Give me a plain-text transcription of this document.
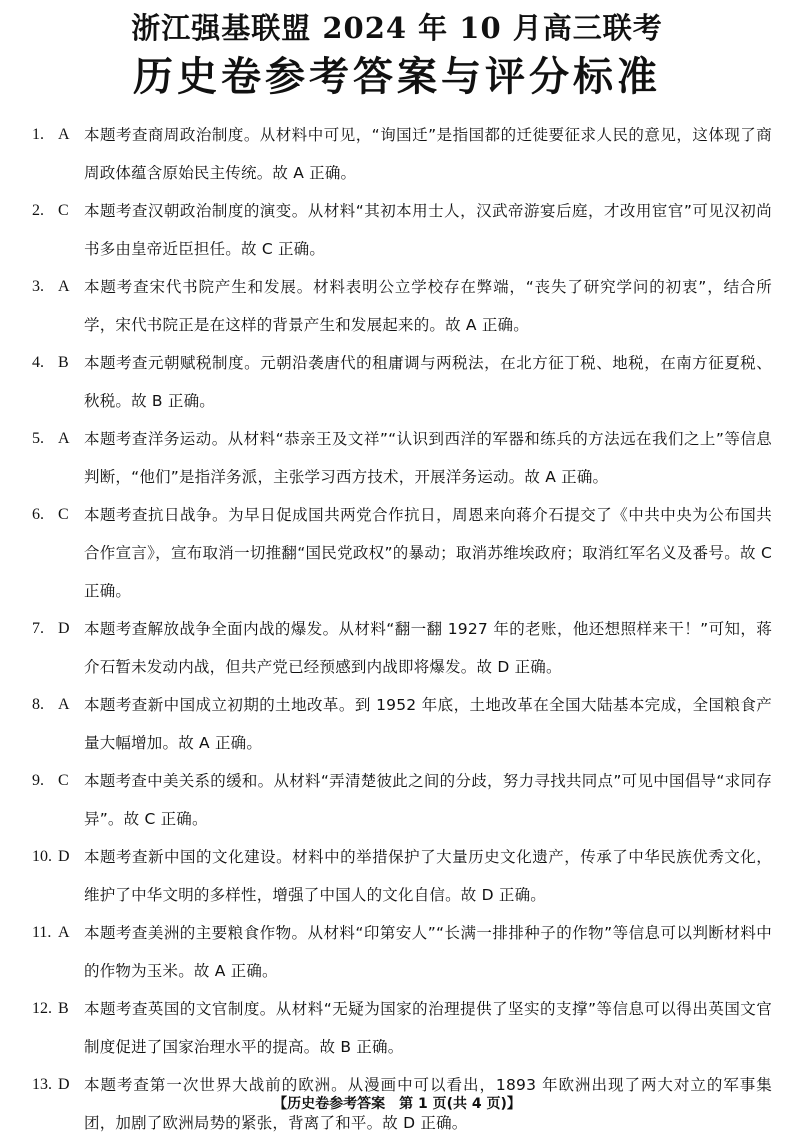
浙江强基联盟 2024 年 10 月高三联考
历史卷参考答案与评分标准
1. A 本题考查商周政治制度。从材料中可见，“询国迁”是指国都的迁徙要征求人民的意见，这体现了商周政体蕴含原始民主传统。故 A 正确。
2. C 本题考查汉朝政治制度的演变。从材料“其初本用士人，汉武帝游宴后庭，才改用宦官”可见汉初尚书多由皇帝近臣担任。故 C 正确。
3. A 本题考查宋代书院产生和发展。材料表明公立学校存在弊端，“丧失了研究学问的初衷”，结合所学，宋代书院正是在这样的背景产生和发展起来的。故 A 正确。
4. B 本题考查元朝赋税制度。元朝沿袭唐代的租庸调与两税法，在北方征丁税、地税，在南方征夏税、秋税。故 B 正确。
5. A 本题考查洋务运动。从材料“恭亲王及文祥”“认识到西洋的军器和练兵的方法远在我们之上”等信息判断，“他们”是指洋务派，主张学习西方技术，开展洋务运动。故 A 正确。
6. C 本题考查抗日战争。为早日促成国共两党合作抗日，周恩来向蒋介石提交了《中共中央为公布国共合作宣言》，宣布取消一切推翻“国民党政权”的暴动；取消苏维埃政府；取消红军名义及番号。故 C 正确。
7. D 本题考查解放战争全面内战的爆发。从材料“翻一翻 1927 年的老账，他还想照样来干！”可知，蒋介石暂未发动内战，但共产党已经预感到内战即将爆发。故 D 正确。
8. A 本题考查新中国成立初期的土地改革。到 1952 年底，土地改革在全国大陆基本完成，全国粮食产量大幅增加。故 A 正确。
9. C 本题考查中美关系的缓和。从材料“弄清楚彼此之间的分歧，努力寻找共同点”可见中国倡导“求同存异”。故 C 正确。
10. D 本题考查新中国的文化建设。材料中的举措保护了大量历史文化遗产，传承了中华民族优秀文化，维护了中华文明的多样性，增强了中国人的文化自信。故 D 正确。
11. A 本题考查美洲的主要粮食作物。从材料“印第安人”“长满一排排种子的作物”等信息可以判断材料中的作物为玉米。故 A 正确。
12. B 本题考查英国的文官制度。从材料“无疑为国家的治理提供了坚实的支撑”等信息可以得出英国文官制度促进了国家治理水平的提高。故 B 正确。
13. D 本题考查第一次世界大战前的欧洲。从漫画中可以看出，1893 年欧洲出现了两大对立的军事集团，加剧了欧洲局势的紧张，背离了和平。故 D 正确。
【历史卷参考答案　第 1 页(共 4 页)】
